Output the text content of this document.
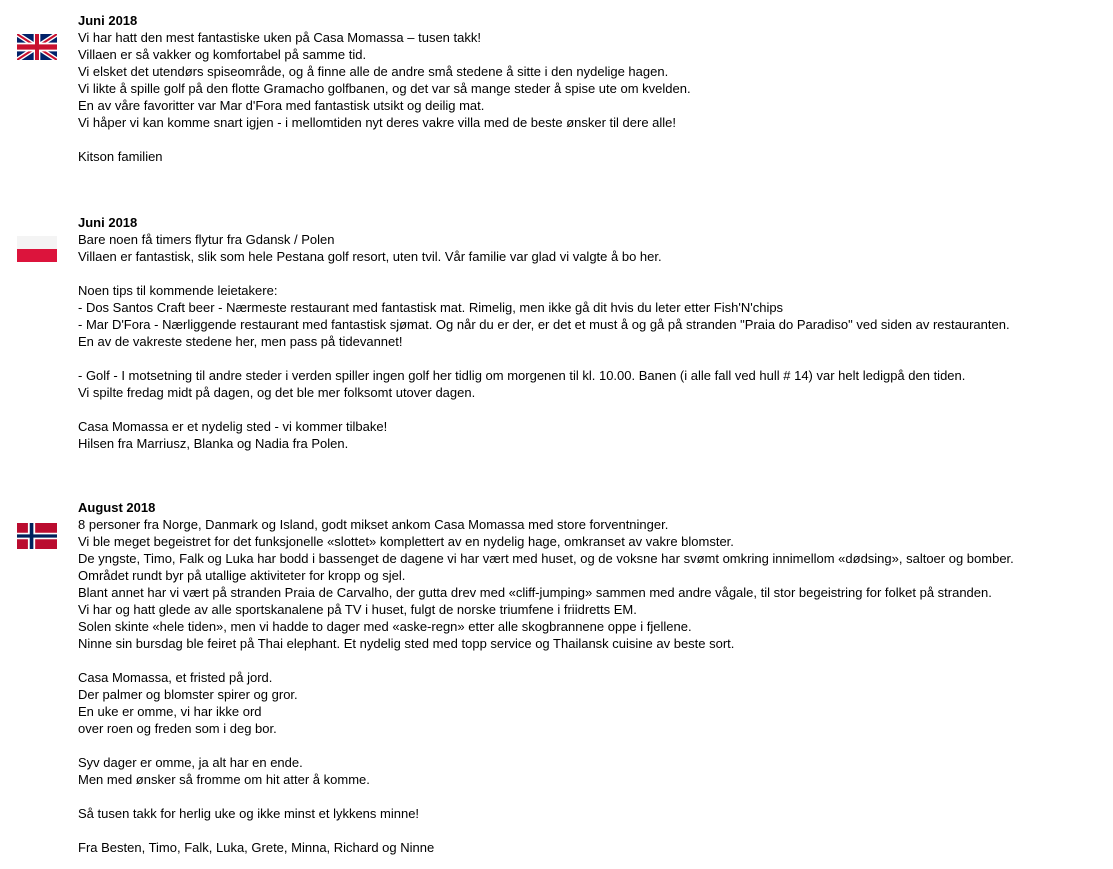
Juni 2018
Vi har hatt den mest fantastiske uken på Casa Momassa – tusen takk!
Villaen er så vakker og komfortabel på samme tid.
Vi elsket det utendørs spiseområde, og å finne alle de andre små stedene å sitte i den nydelige hagen.
Vi likte å spille golf på den flotte Gramacho golfbanen, og det var så mange steder å spise ute om kvelden.
En av våre favoritter var Mar d'Fora med fantastisk utsikt og deilig mat.
Vi håper vi kan komme snart igjen - i mellomtiden nyt deres vakre villa med de beste ønsker til dere alle!
Kitson familien
Juni 2018
Bare noen få timers flytur fra Gdansk / Polen
Villaen er fantastisk, slik som hele Pestana golf resort, uten tvil. Vår familie var glad vi valgte å bo her.
Noen tips til kommende leietakere:
- Dos Santos Craft beer - Nærmeste restaurant med fantastisk mat. Rimelig, men ikke gå dit hvis du leter etter Fish'N'chips
- Mar D'Fora - Nærliggende restaurant med fantastisk sjømat. Og når du er der, er det et must å og gå på stranden "Praia do Paradiso" ved siden av restauranten.
En av de vakreste stedene her, men pass på tidevannet!
- Golf - I motsetning til andre steder i verden spiller ingen golf her tidlig om morgenen til kl. 10.00. Banen (i alle fall ved hull # 14) var helt ledigpå den tiden.
Vi spilte fredag midt på dagen, og det ble mer folksomt utover dagen.
Casa Momassa er et nydelig sted - vi kommer tilbake!
Hilsen fra Marriusz, Blanka og Nadia fra Polen.
August 2018
8 personer fra Norge, Danmark og Island, godt mikset ankom Casa Momassa med store forventninger.
Vi ble meget begeistret for det funksjonelle «slottet» komplettert av en nydelig hage, omkranset av vakre blomster.
De yngste, Timo, Falk og Luka har bodd i bassenget de dagene vi har vært med huset, og de voksne har svømt omkring innimellom «dødsing», saltoer og bomber.
Området rundt byr på utallige aktiviteter for kropp og sjel.
Blant annet har vi vært på stranden Praia de Carvalho, der gutta drev med «cliff-jumping» sammen med andre vågale, til stor begeistring for folket på stranden.
Vi har og hatt glede av alle sportskanalene på TV i huset, fulgt de norske triumfene i friidretts EM.
Solen skinte «hele tiden», men vi hadde to dager med «aske-regn» etter alle skogbrannene oppe i fjellene.
Ninne sin bursdag ble feiret på Thai elephant. Et nydelig sted med topp service og Thailansk cuisine av beste sort.
Casa Momassa, et fristed på jord.
Der palmer og blomster spirer og gror.
En uke er omme, vi har ikke ord
over roen og freden som i deg bor.
Syv dager er omme, ja alt har en ende.
Men med ønsker så fromme om hit atter å komme.
Så tusen takk for herlig uke og ikke minst et lykkens minne!
Fra Besten, Timo, Falk, Luka, Grete, Minna, Richard og Ninne
